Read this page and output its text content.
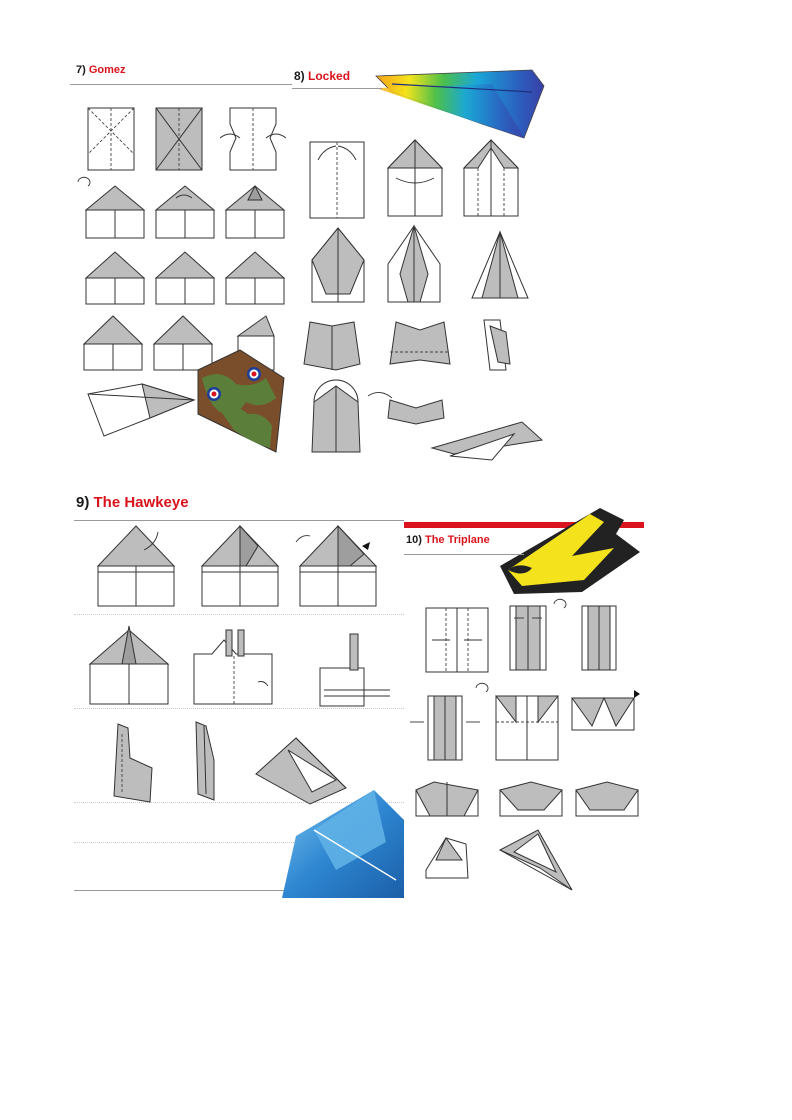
7) Gomez	8) Locked
9) The Hawkeye
10) The Triplane
